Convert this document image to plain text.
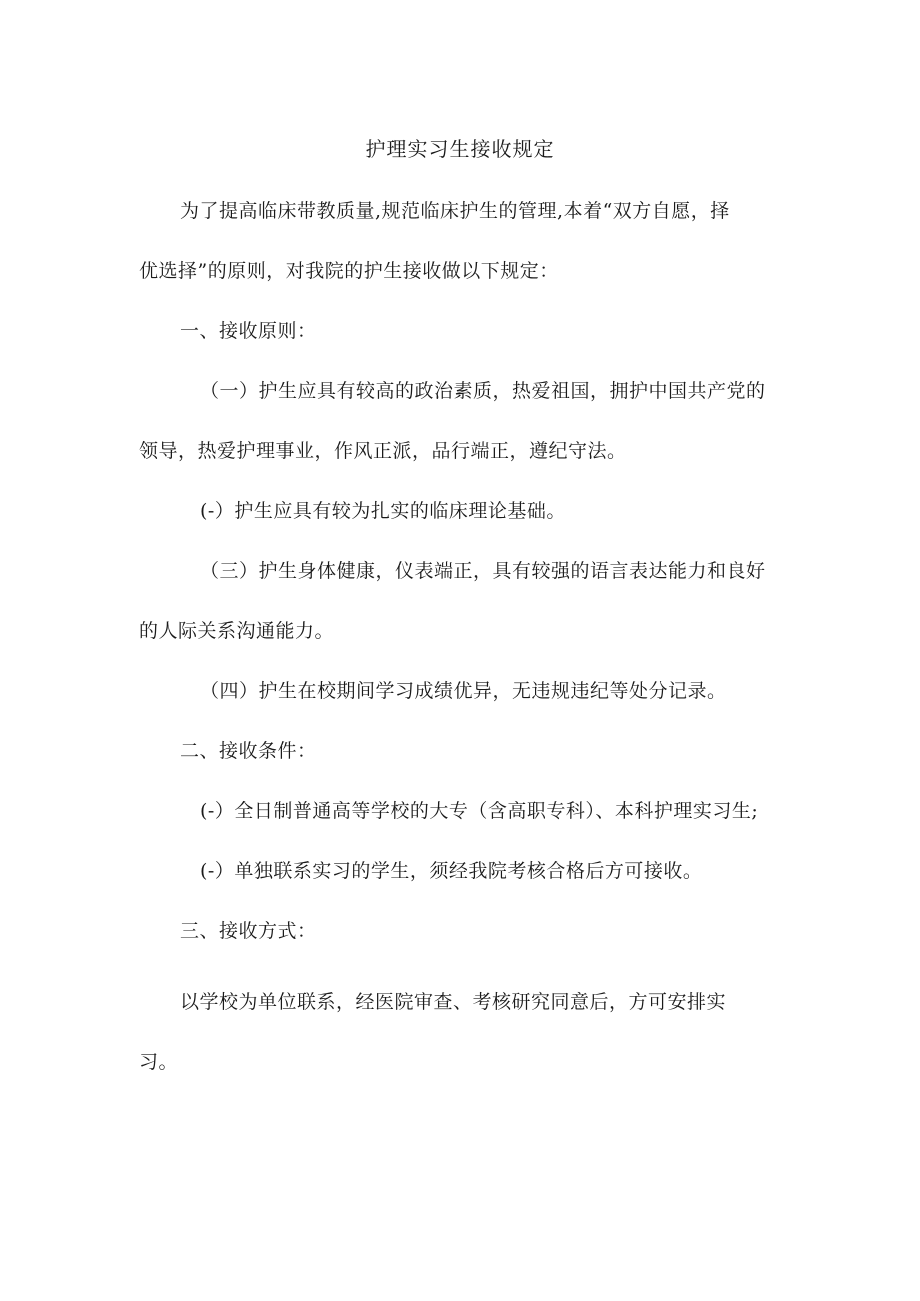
护理实习生接收规定
为了提高临床带教质量,规范临床护生的管理,本着“双方自愿，择
优选择”的原则，对我院的护生接收做以下规定：
一、接收原则：
（一）护生应具有较高的政治素质，热爱祖国，拥护中国共产党的
领导，热爱护理事业，作风正派，品行端正，遵纪守法。
(-）护生应具有较为扎实的临床理论基础。
（三）护生身体健康，仪表端正，具有较强的语言表达能力和良好
的人际关系沟通能力。
（四）护生在校期间学习成绩优异，无违规违纪等处分记录。
二、接收条件：
(-）全日制普通高等学校的大专（含高职专科）、本科护理实习生;
(-）单独联系实习的学生，须经我院考核合格后方可接收。
三、接收方式：
以学校为单位联系，经医院审查、考核研究同意后，方可安排实
习。
